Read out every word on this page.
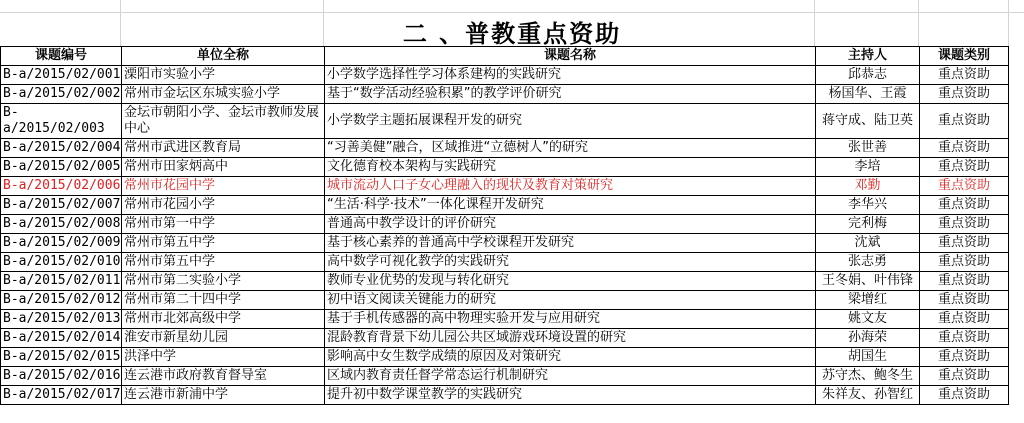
二 、普教重点资助
课题编号	单位全称	课题名称	主持人	课题类别	
B-a/2015/02/001	溧阳市实验小学	小学数学选择性学习体系建构的实践研究	邱恭志	重点资助	
B-a/2015/02/002	常州市金坛区东城实验小学	基于“数学活动经验积累”的教学评价研究	杨国华、王霞	重点资助	
B-a/2015/02/003	金坛市朝阳小学、金坛市教师发展中心	小学数学主题拓展课程开发的研究	蒋守成、陆卫英	重点资助	
B-a/2015/02/004	常州市武进区教育局	“习善美健”融合，区域推进“立德树人”的研究	张世善	重点资助	
B-a/2015/02/005	常州市田家炳高中	文化德育校本架构与实践研究	李培	重点资助	
B-a/2015/02/006	常州市花园中学	城市流动人口子女心理融入的现状及教育对策研究	邓勤	重点资助	
B-a/2015/02/007	常州市花园小学	“生活·科学·技术”一体化课程开发研究	李华兴	重点资助	
B-a/2015/02/008	常州市第一中学	普通高中教学设计的评价研究	完利梅	重点资助	
B-a/2015/02/009	常州市第五中学	基于核心素养的普通高中学校课程开发研究	沈斌	重点资助	
B-a/2015/02/010	常州市第五中学	高中数学可视化教学的实践研究	张志勇	重点资助	
B-a/2015/02/011	常州市第二实验小学	教师专业优势的发现与转化研究	王冬娟、叶伟锋	重点资助	
B-a/2015/02/012	常州市第二十四中学	初中语文阅读关键能力的研究	梁增红	重点资助	
B-a/2015/02/013	常州市北郊高级中学	基于手机传感器的高中物理实验开发与应用研究	姚文友	重点资助	
B-a/2015/02/014	淮安市新星幼儿园	混龄教育背景下幼儿园公共区域游戏环境设置的研究	孙海荣	重点资助	
B-a/2015/02/015	洪泽中学	影响高中女生数学成绩的原因及对策研究	胡国生	重点资助	
B-a/2015/02/016	连云港市政府教育督导室	区域内教育责任督学常态运行机制研究	苏守杰、鲍冬生	重点资助	
B-a/2015/02/017	连云港市新浦中学	提升初中数学课堂教学的实践研究	朱祥友、孙智红	重点资助	
